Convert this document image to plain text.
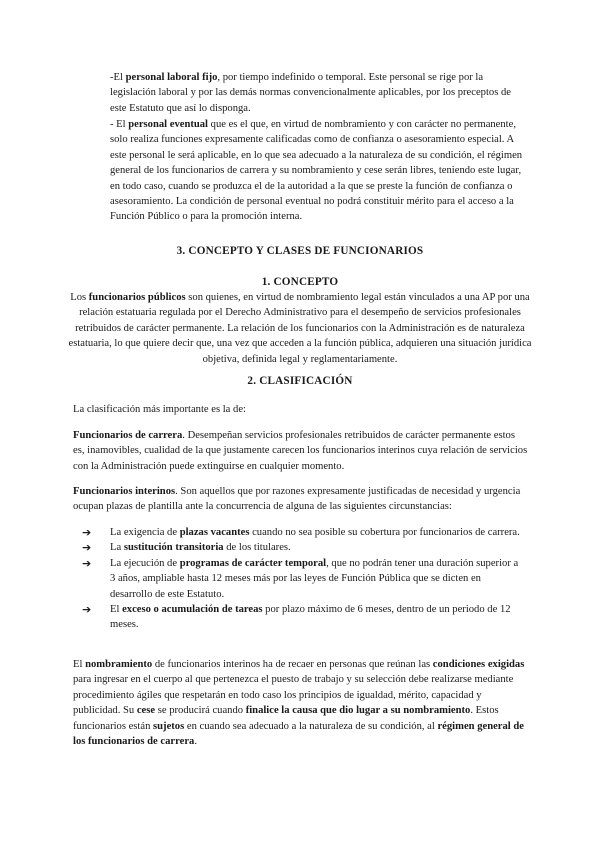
-El personal laboral fijo, por tiempo indefinido o temporal. Este personal se rige por la legislación laboral y por las demás normas convencionalmente aplicables, por los preceptos de este Estatuto que así lo disponga.

- El personal eventual que es el que, en virtud de nombramiento y con carácter no permanente, solo realiza funciones expresamente calificadas como de confianza o asesoramiento especial. A este personal le será aplicable, en lo que sea adecuado a la naturaleza de su condición, el régimen general de los funcionarios de carrera y su nombramiento y cese serán libres, teniendo este lugar, en todo caso, cuando se produzca el de la autoridad a la que se preste la función de confianza o asesoramiento. La condición de personal eventual no podrá constituir mérito para el acceso a la Función Público o para la promoción interna.

3. CONCEPTO Y CLASES DE FUNCIONARIOS
1. CONCEPTO

Los funcionarios públicos son quienes, en virtud de nombramiento legal están vinculados a una AP por una relación estatuaria regulada por el Derecho Administrativo para el desempeño de servicios profesionales retribuidos de carácter permanente. La relación de los funcionarios con la Administración es de naturaleza estatuaria, lo que quiere decir que, una vez que acceden a la función pública, adquieren una situación jurídica objetiva, definida legal y reglamentariamente.

2. CLASIFICACIÓN

La clasificación más importante es la de:

Funcionarios de carrera. Desempeñan servicios profesionales retribuidos de carácter permanente estos es, inamovibles, cualidad de la que justamente carecen los funcionarios interinos cuya relación de servicios con la Administración puede extinguirse en cualquier momento.

Funcionarios interinos. Son aquellos que por razones expresamente justificadas de necesidad y urgencia ocupan plazas de plantilla ante la concurrencia de alguna de las siguientes circunstancias:

➔ La exigencia de plazas vacantes cuando no sea posible su cobertura por funcionarios de carrera.
➔ La sustitución transitoria de los titulares.
➔ La ejecución de programas de carácter temporal, que no podrán tener una duración superior a 3 años, ampliable hasta 12 meses más por las leyes de Función Pública que se dicten en desarrollo de este Estatuto.
➔ El exceso o acumulación de tareas por plazo máximo de 6 meses, dentro de un periodo de 12 meses.

El nombramiento de funcionarios interinos ha de recaer en personas que reúnan las condiciones exigidas para ingresar en el cuerpo al que pertenezca el puesto de trabajo y su selección debe realizarse mediante procedimiento ágiles que respetarán en todo caso los principios de igualdad, mérito, capacidad y publicidad. Su cese se producirá cuando finalice la causa que dio lugar a su nombramiento. Estos funcionarios están sujetos en cuando sea adecuado a la naturaleza de su condición, al régimen general de los funcionarios de carrera.
